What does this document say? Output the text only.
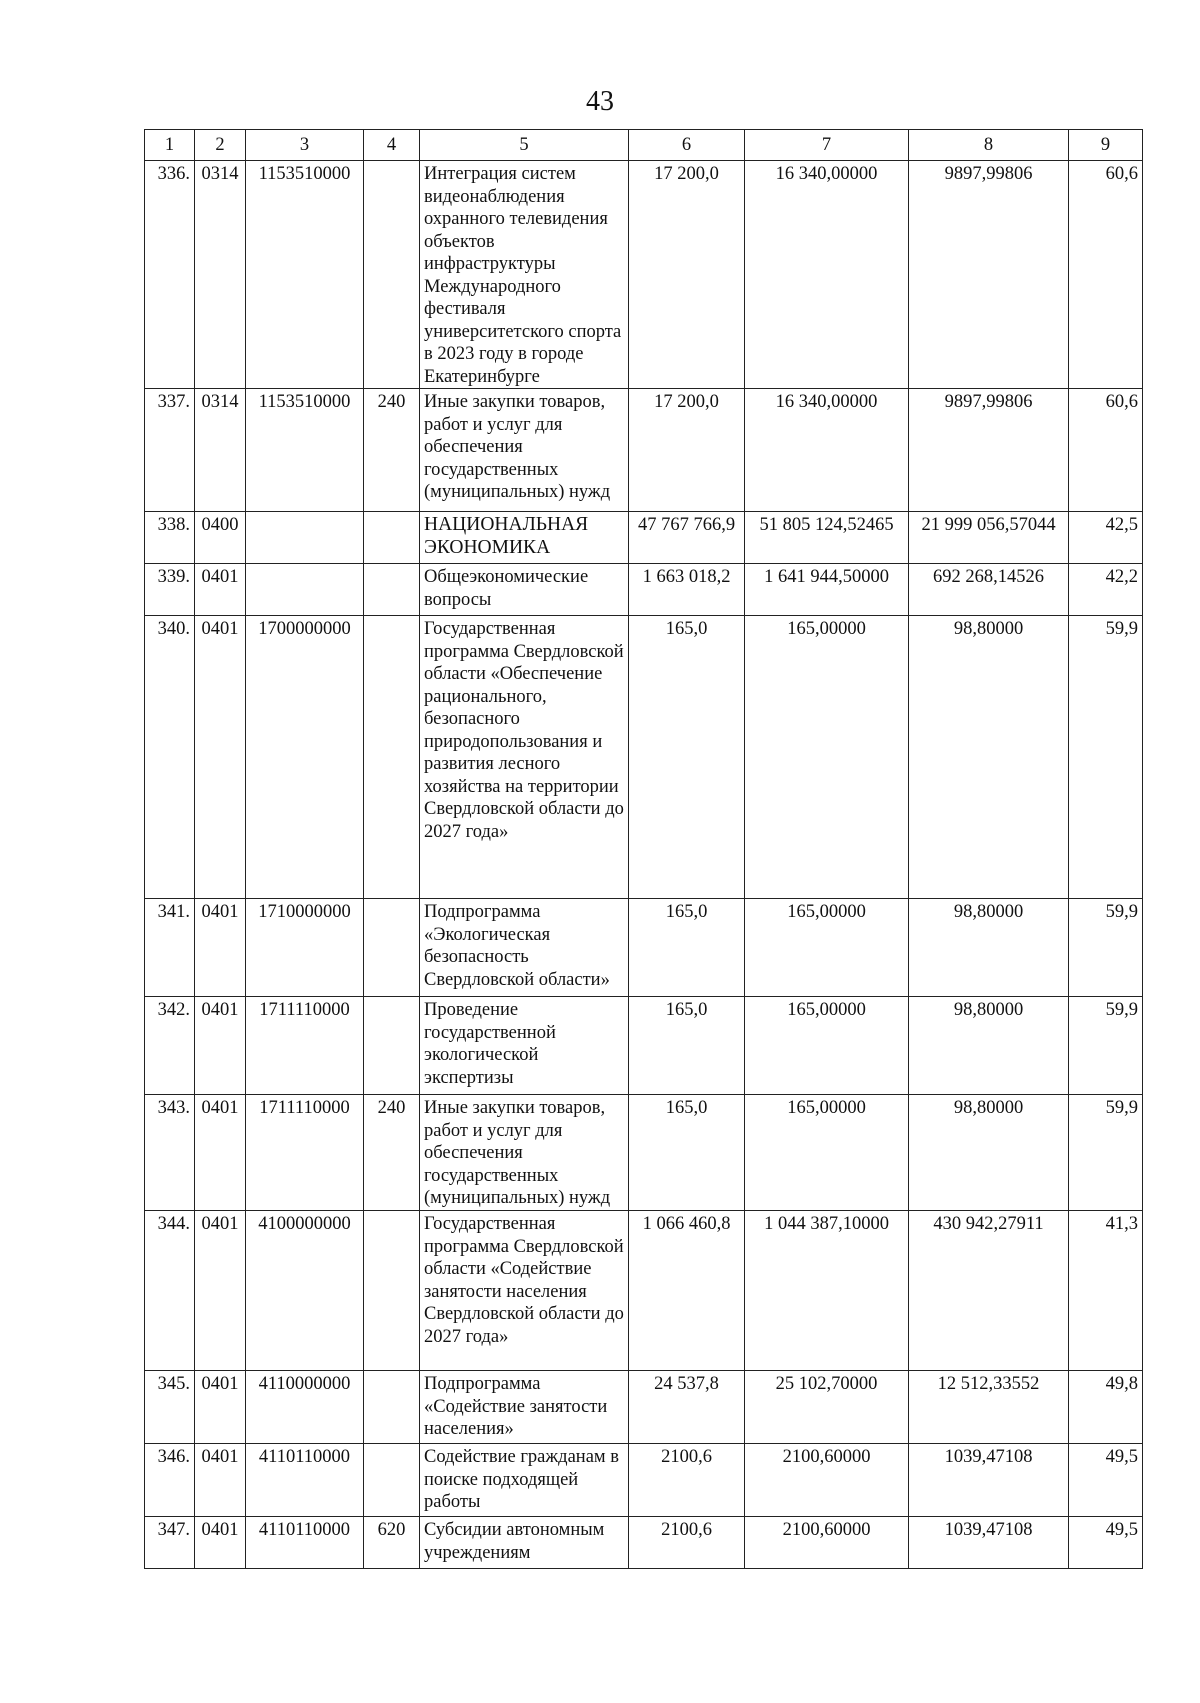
43
1	2	3	4	5	6	7	8	9
336.	0314	1153510000		Интеграция систем видеонаблюдения охранного телевидения объектов инфраструктуры Международного фестиваля университетского спорта в 2023 году в городе Екатеринбурге	17 200,0	16 340,00000	9897,99806	60,6
337.	0314	1153510000	240	Иные закупки товаров, работ и услуг для обеспечения государственных (муниципальных) нужд	17 200,0	16 340,00000	9897,99806	60,6
338.	0400			НАЦИОНАЛЬНАЯ ЭКОНОМИКА	47 767 766,9	51 805 124,52465	21 999 056,57044	42,5
339.	0401			Общеэкономические вопросы	1 663 018,2	1 641 944,50000	692 268,14526	42,2
340.	0401	1700000000		Государственная программа Свердловской области «Обеспечение рационального, безопасного природопользования и развития лесного хозяйства на территории Свердловской области до 2027 года»	165,0	165,00000	98,80000	59,9
341.	0401	1710000000		Подпрограмма «Экологическая безопасность Свердловской области»	165,0	165,00000	98,80000	59,9
342.	0401	1711110000		Проведение государственной экологической экспертизы	165,0	165,00000	98,80000	59,9
343.	0401	1711110000	240	Иные закупки товаров, работ и услуг для обеспечения государственных (муниципальных) нужд	165,0	165,00000	98,80000	59,9
344.	0401	4100000000		Государственная программа Свердловской области «Содействие занятости населения Свердловской области до 2027 года»	1 066 460,8	1 044 387,10000	430 942,27911	41,3
345.	0401	4110000000		Подпрограмма «Содействие занятости населения»	24 537,8	25 102,70000	12 512,33552	49,8
346.	0401	4110110000		Содействие гражданам в поиске подходящей работы	2100,6	2100,60000	1039,47108	49,5
347.	0401	4110110000	620	Субсидии автономным учреждениям	2100,6	2100,60000	1039,47108	49,5
